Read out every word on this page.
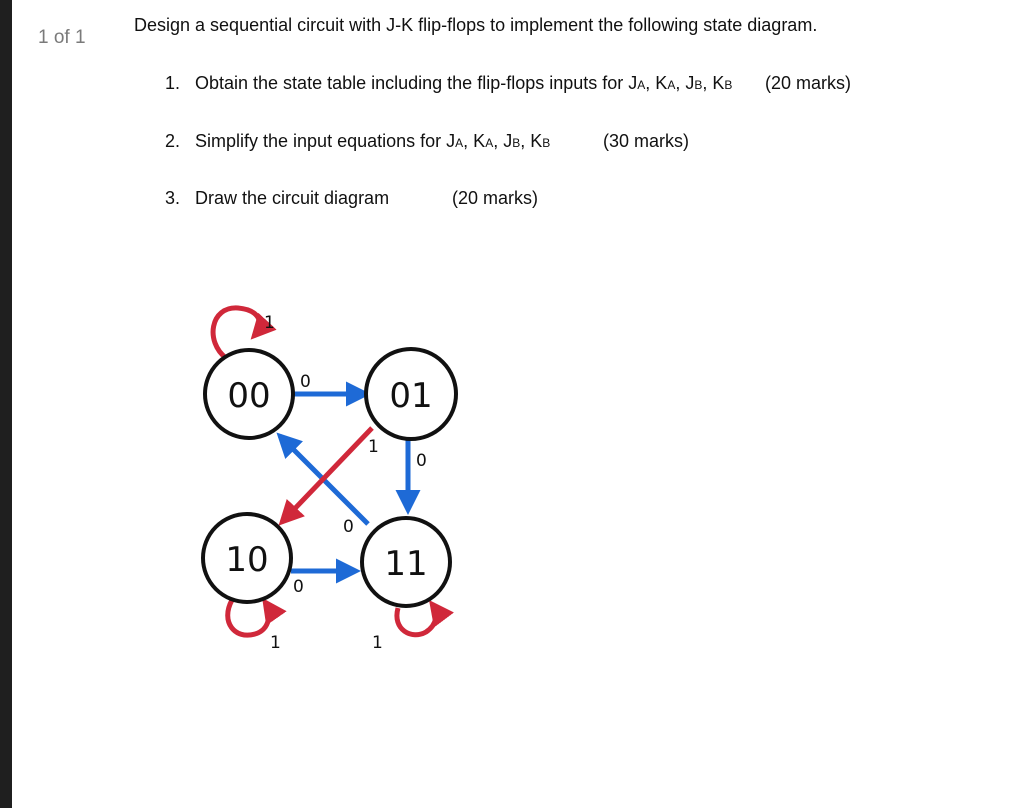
1 of 1
Design a sequential circuit with J-K flip-flops to implement the following state diagram.
1. Obtain the state table including the flip-flops inputs for JA, KA, JB, KB (20 marks)
2. Simplify the input equations for JA, KA, JB, KB	(30 marks)
3. Draw the circuit diagram	(20 marks)
00	01
10	11
1
0
1
0
0
0
1	1
